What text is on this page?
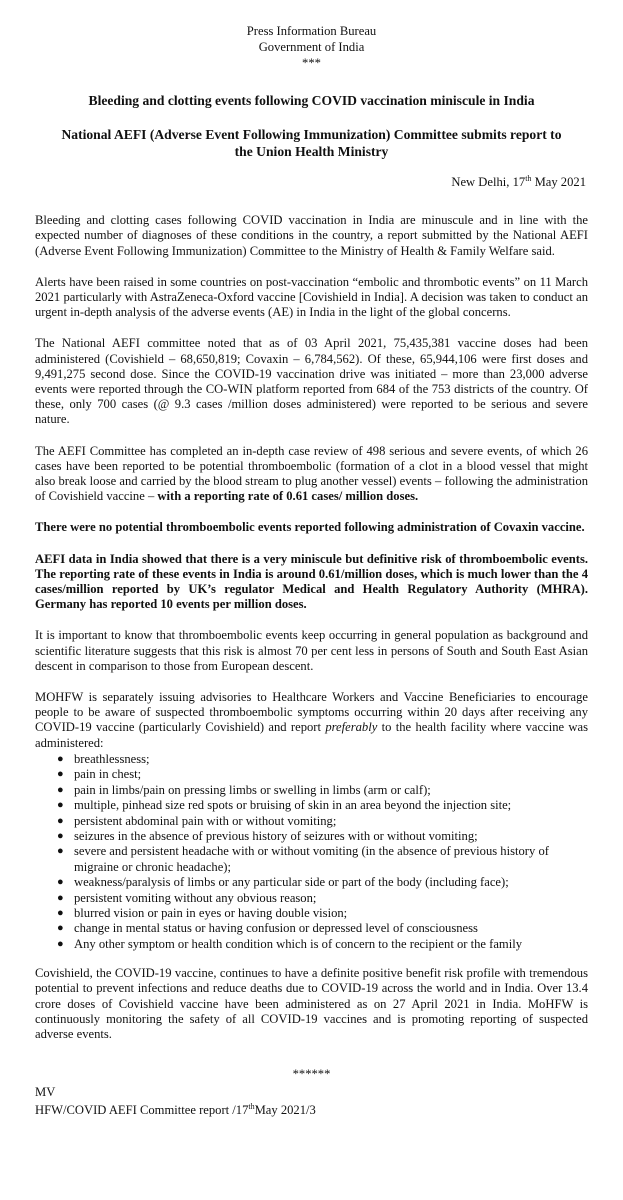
Press Information Bureau
Government of India
***
Bleeding and clotting events following COVID vaccination miniscule in India
National AEFI (Adverse Event Following Immunization) Committee submits report to the Union Health Ministry
New Delhi, 17th May 2021

Bleeding and clotting cases following COVID vaccination in India are minuscule and in line with the expected number of diagnoses of these conditions in the country, a report submitted by the National AEFI (Adverse Event Following Immunization) Committee to the Ministry of Health & Family Welfare said.

Alerts have been raised in some countries on post-vaccination “embolic and thrombotic events” on 11 March 2021 particularly with AstraZeneca-Oxford vaccine [Covishield in India]. A decision was taken to conduct an urgent in-depth analysis of the adverse events (AE) in India in the light of the global concerns.

The National AEFI committee noted that as of 03 April 2021, 75,435,381 vaccine doses had been administered (Covishield – 68,650,819; Covaxin – 6,784,562). Of these, 65,944,106 were first doses and 9,491,275 second dose. Since the COVID-19 vaccination drive was initiated – more than 23,000 adverse events were reported through the CO-WIN platform reported from 684 of the 753 districts of the country. Of these, only 700 cases (@ 9.3 cases /million doses administered) were reported to be serious and severe nature.

The AEFI Committee has completed an in-depth case review of 498 serious and severe events, of which 26 cases have been reported to be potential thromboembolic (formation of a clot in a blood vessel that might also break loose and carried by the blood stream to plug another vessel) events – following the administration of Covishield vaccine – with a reporting rate of 0.61 cases/ million doses.

There were no potential thromboembolic events reported following administration of Covaxin vaccine.

AEFI data in India showed that there is a very miniscule but definitive risk of thromboembolic events. The reporting rate of these events in India is around 0.61/million doses, which is much lower than the 4 cases/million reported by UK’s regulator Medical and Health Regulatory Authority (MHRA). Germany has reported 10 events per million doses.

It is important to know that thromboembolic events keep occurring in general population as background and scientific literature suggests that this risk is almost 70 per cent less in persons of South and South East Asian descent in comparison to those from European descent.

MOHFW is separately issuing advisories to Healthcare Workers and Vaccine Beneficiaries to encourage people to be aware of suspected thromboembolic symptoms occurring within 20 days after receiving any COVID-19 vaccine (particularly Covishield) and report preferably to the health facility where vaccine was administered:

● breathlessness;
● pain in chest;
● pain in limbs/pain on pressing limbs or swelling in limbs (arm or calf);
● multiple, pinhead size red spots or bruising of skin in an area beyond the injection site;
● persistent abdominal pain with or without vomiting;
● seizures in the absence of previous history of seizures with or without vomiting;
● severe and persistent headache with or without vomiting (in the absence of previous history of migraine or chronic headache);
● weakness/paralysis of limbs or any particular side or part of the body (including face);
● persistent vomiting without any obvious reason;
● blurred vision or pain in eyes or having double vision;
● change in mental status or having confusion or depressed level of consciousness
● Any other symptom or health condition which is of concern to the recipient or the family

Covishield, the COVID-19 vaccine, continues to have a definite positive benefit risk profile with tremendous potential to prevent infections and reduce deaths due to COVID-19 across the world and in India. Over 13.4 crore doses of Covishield vaccine have been administered as on 27 April 2021 in India. MoHFW is continuously monitoring the safety of all COVID-19 vaccines and is promoting reporting of suspected adverse events.

******
MV
HFW/COVID AEFI Committee report /17thMay 2021/3
